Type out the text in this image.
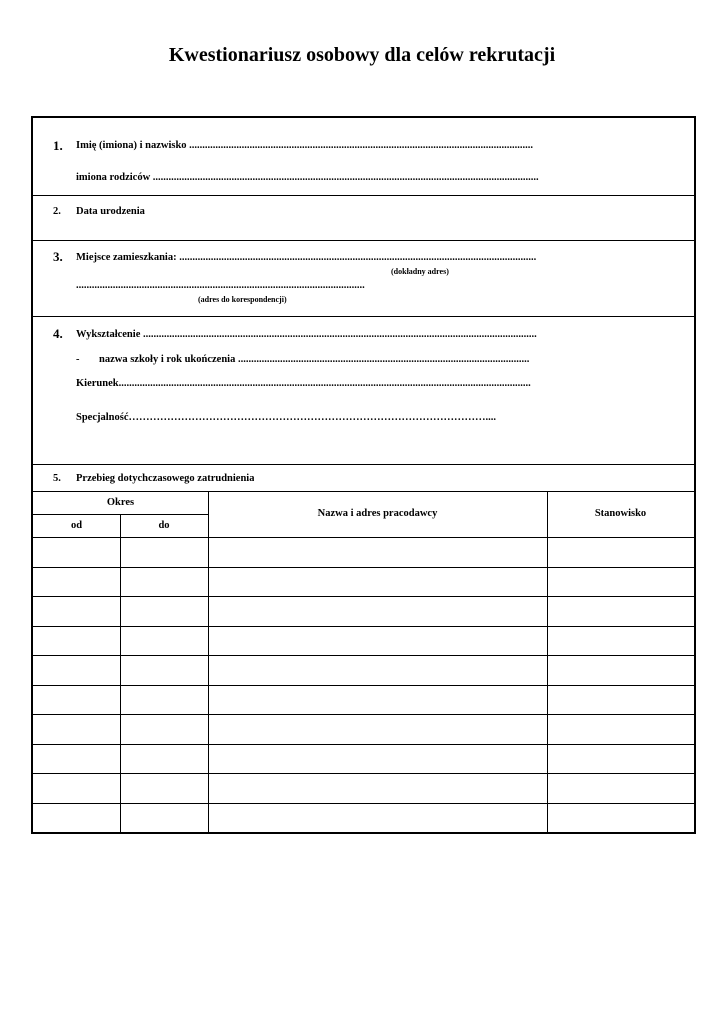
Kwestionariusz osobowy dla celów rekrutacji
1. Imię (imiona) i nazwisko ...................................................................................................................................
imiona rodziców ...................................................................................................................................................
2. Data urodzenia
3. Miejsce zamieszkania: ........................................................................................................................................
(dokładny adres)
..............................................................................................................
(adres do korespondencji)
4. Wykształcenie ......................................................................................................................................................
- nazwa szkoły i rok ukończenia ...............................................................................................................
Kierunek.............................................................................................................................................................
Specjalność…………………………………………………………………………………………....
5. Przebieg dotychczasowego zatrudnienia
Okres
od	do
Nazwa i adres pracodawcy	Stanowisko
